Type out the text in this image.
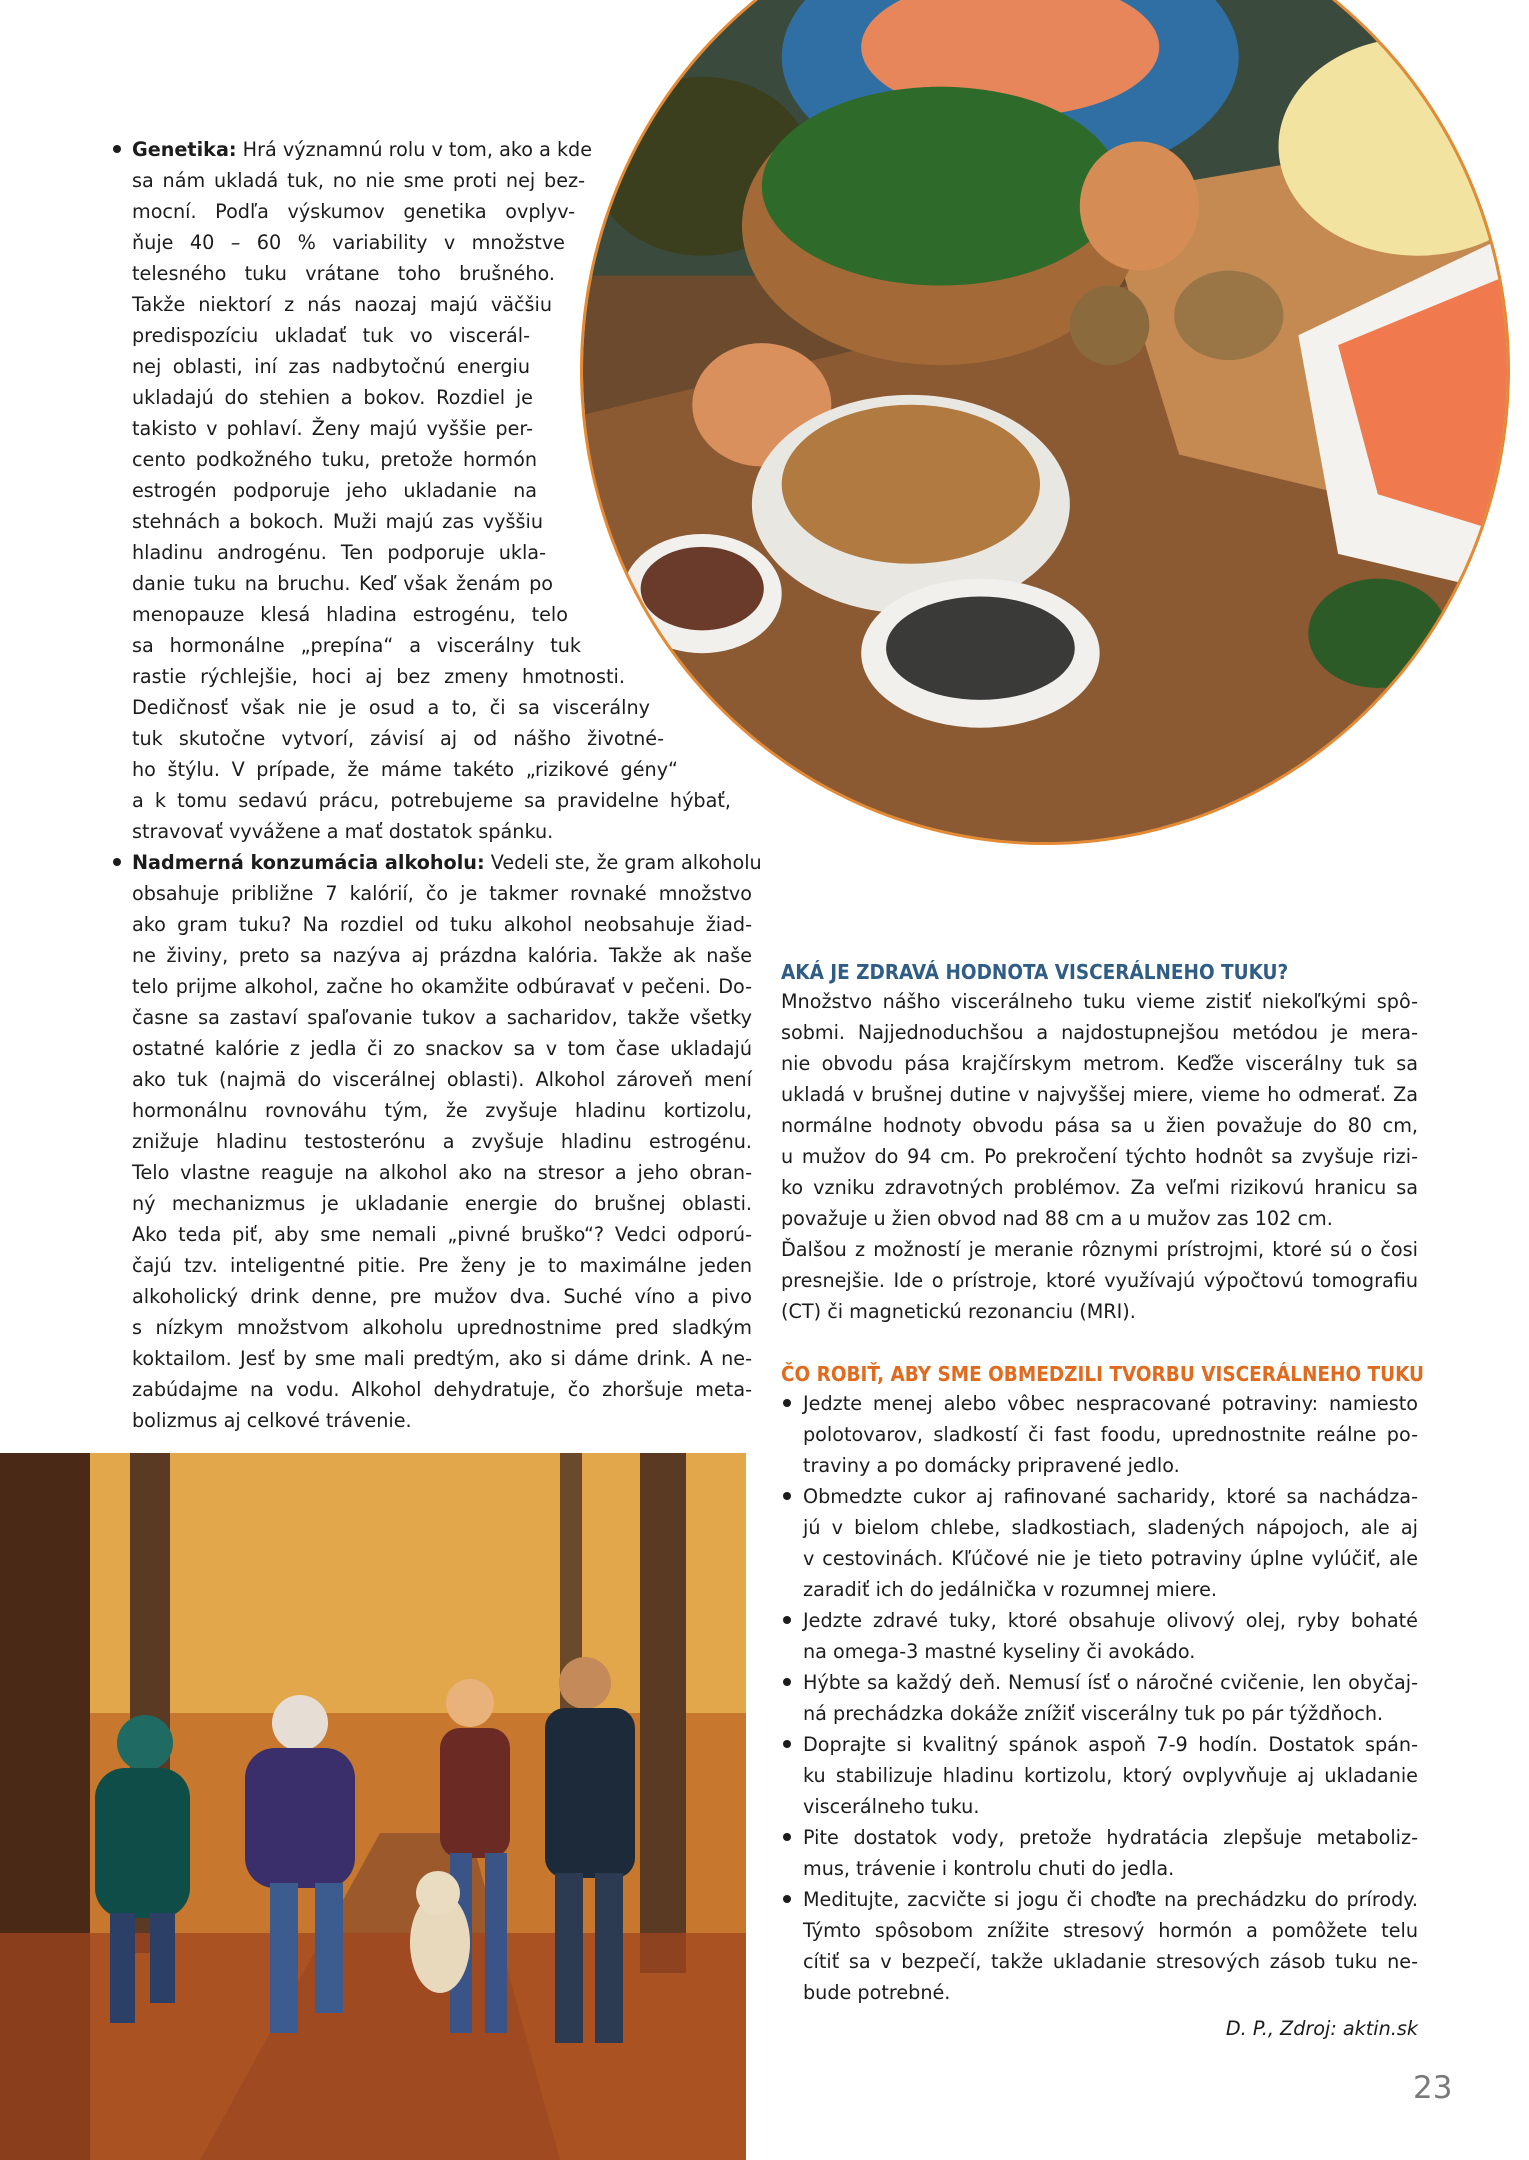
Genetika: Hrá významnú rolu v tom, ako a kde
sa nám ukladá tuk, no nie sme proti nej bez-
mocní. Podľa výskumov genetika ovplyv-
ňuje 40 – 60 % variability v množstve
telesného tuku vrátane toho brušného.
Takže niektorí z nás naozaj majú väčšiu
predispozíciu ukladať tuk vo viscerál-
nej oblasti, iní zas nadbytočnú energiu
ukladajú do stehien a bokov. Rozdiel je
takisto v pohlaví. Ženy majú vyššie per-
cento podkožného tuku, pretože hormón
estrogén podporuje jeho ukladanie na
stehnách a bokoch. Muži majú zas vyššiu
hladinu androgénu. Ten podporuje ukla-
danie tuku na bruchu. Keď však ženám po
menopauze klesá hladina estrogénu, telo
sa hormonálne „prepína“ a viscerálny tuk
rastie rýchlejšie, hoci aj bez zmeny hmotnosti.
Dedičnosť však nie je osud a to, či sa viscerálny
tuk skutočne vytvorí, závisí aj od nášho životné-
ho štýlu. V prípade, že máme takéto „rizikové gény“
a k tomu sedavú prácu, potrebujeme sa pravidelne hýbať,
stravovať vyvážene a mať dostatok spánku.
Nadmerná konzumácia alkoholu: Vedeli ste, že gram alkoholu
obsahuje približne 7 kalórií, čo je takmer rovnaké množstvo
ako gram tuku? Na rozdiel od tuku alkohol neobsahuje žiad-
ne živiny, preto sa nazýva aj prázdna kalória. Takže ak naše
telo prijme alkohol, začne ho okamžite odbúravať v pečeni. Do-
časne sa zastaví spaľovanie tukov a sacharidov, takže všetky
ostatné kalórie z jedla či zo snackov sa v tom čase ukladajú
ako tuk (najmä do viscerálnej oblasti). Alkohol zároveň mení
hormonálnu rovnováhu tým, že zvyšuje hladinu kortizolu,
znižuje hladinu testosterónu a zvyšuje hladinu estrogénu.
Telo vlastne reaguje na alkohol ako na stresor a jeho obran-
ný mechanizmus je ukladanie energie do brušnej oblasti.
Ako teda piť, aby sme nemali „pivné bruško“? Vedci odporú-
čajú tzv. inteligentné pitie. Pre ženy je to maximálne jeden
alkoholický drink denne, pre mužov dva. Suché víno a pivo
s nízkym množstvom alkoholu uprednostnime pred sladkým
koktailom. Jesť by sme mali predtým, ako si dáme drink. A ne-
zabúdajme na vodu. Alkohol dehydratuje, čo zhoršuje meta-
bolizmus aj celkové trávenie.
AKÁ JE ZDRAVÁ HODNOTA VISCERÁLNEHO TUKU?
Množstvo nášho viscerálneho tuku vieme zistiť niekoľkými spô-
sobmi. Najjednoduchšou a najdostupnejšou metódou je mera-
nie obvodu pása krajčírskym metrom. Keďže viscerálny tuk sa
ukladá v brušnej dutine v najvyššej miere, vieme ho odmerať. Za
normálne hodnoty obvodu pása sa u žien považuje do 80 cm,
u mužov do 94 cm. Po prekročení týchto hodnôt sa zvyšuje rizi-
ko vzniku zdravotných problémov. Za veľmi rizikovú hranicu sa
považuje u žien obvod nad 88 cm a u mužov zas 102 cm.
Ďalšou z možností je meranie rôznymi prístrojmi, ktoré sú o čosi
presnejšie. Ide o prístroje, ktoré využívajú výpočtovú tomografiu
(CT) či magnetickú rezonanciu (MRI).
ČO ROBIŤ, ABY SME OBMEDZILI TVORBU VISCERÁLNEHO TUKU
Jedzte menej alebo vôbec nespracované potraviny: namiesto
polotovarov, sladkostí či fast foodu, uprednostnite reálne po-
traviny a po domácky pripravené jedlo.
Obmedzte cukor aj rafinované sacharidy, ktoré sa nachádza-
jú v bielom chlebe, sladkostiach, sladených nápojoch, ale aj
v cestovinách. Kľúčové nie je tieto potraviny úplne vylúčiť, ale
zaradiť ich do jedálnička v rozumnej miere.
Jedzte zdravé tuky, ktoré obsahuje olivový olej, ryby bohaté
na omega-3 mastné kyseliny či avokádo.
Hýbte sa každý deň. Nemusí ísť o náročné cvičenie, len obyčaj-
ná prechádzka dokáže znížiť viscerálny tuk po pár týždňoch.
Doprajte si kvalitný spánok aspoň 7-9 hodín. Dostatok spán-
ku stabilizuje hladinu kortizolu, ktorý ovplyvňuje aj ukladanie
viscerálneho tuku.
Pite dostatok vody, pretože hydratácia zlepšuje metaboliz-
mus, trávenie i kontrolu chuti do jedla.
Meditujte, zacvičte si jogu či choďte na prechádzku do prírody.
Týmto spôsobom znížite stresový hormón a pomôžete telu
cítiť sa v bezpečí, takže ukladanie stresových zásob tuku ne-
bude potrebné.
D. P., Zdroj: aktin.sk
23
